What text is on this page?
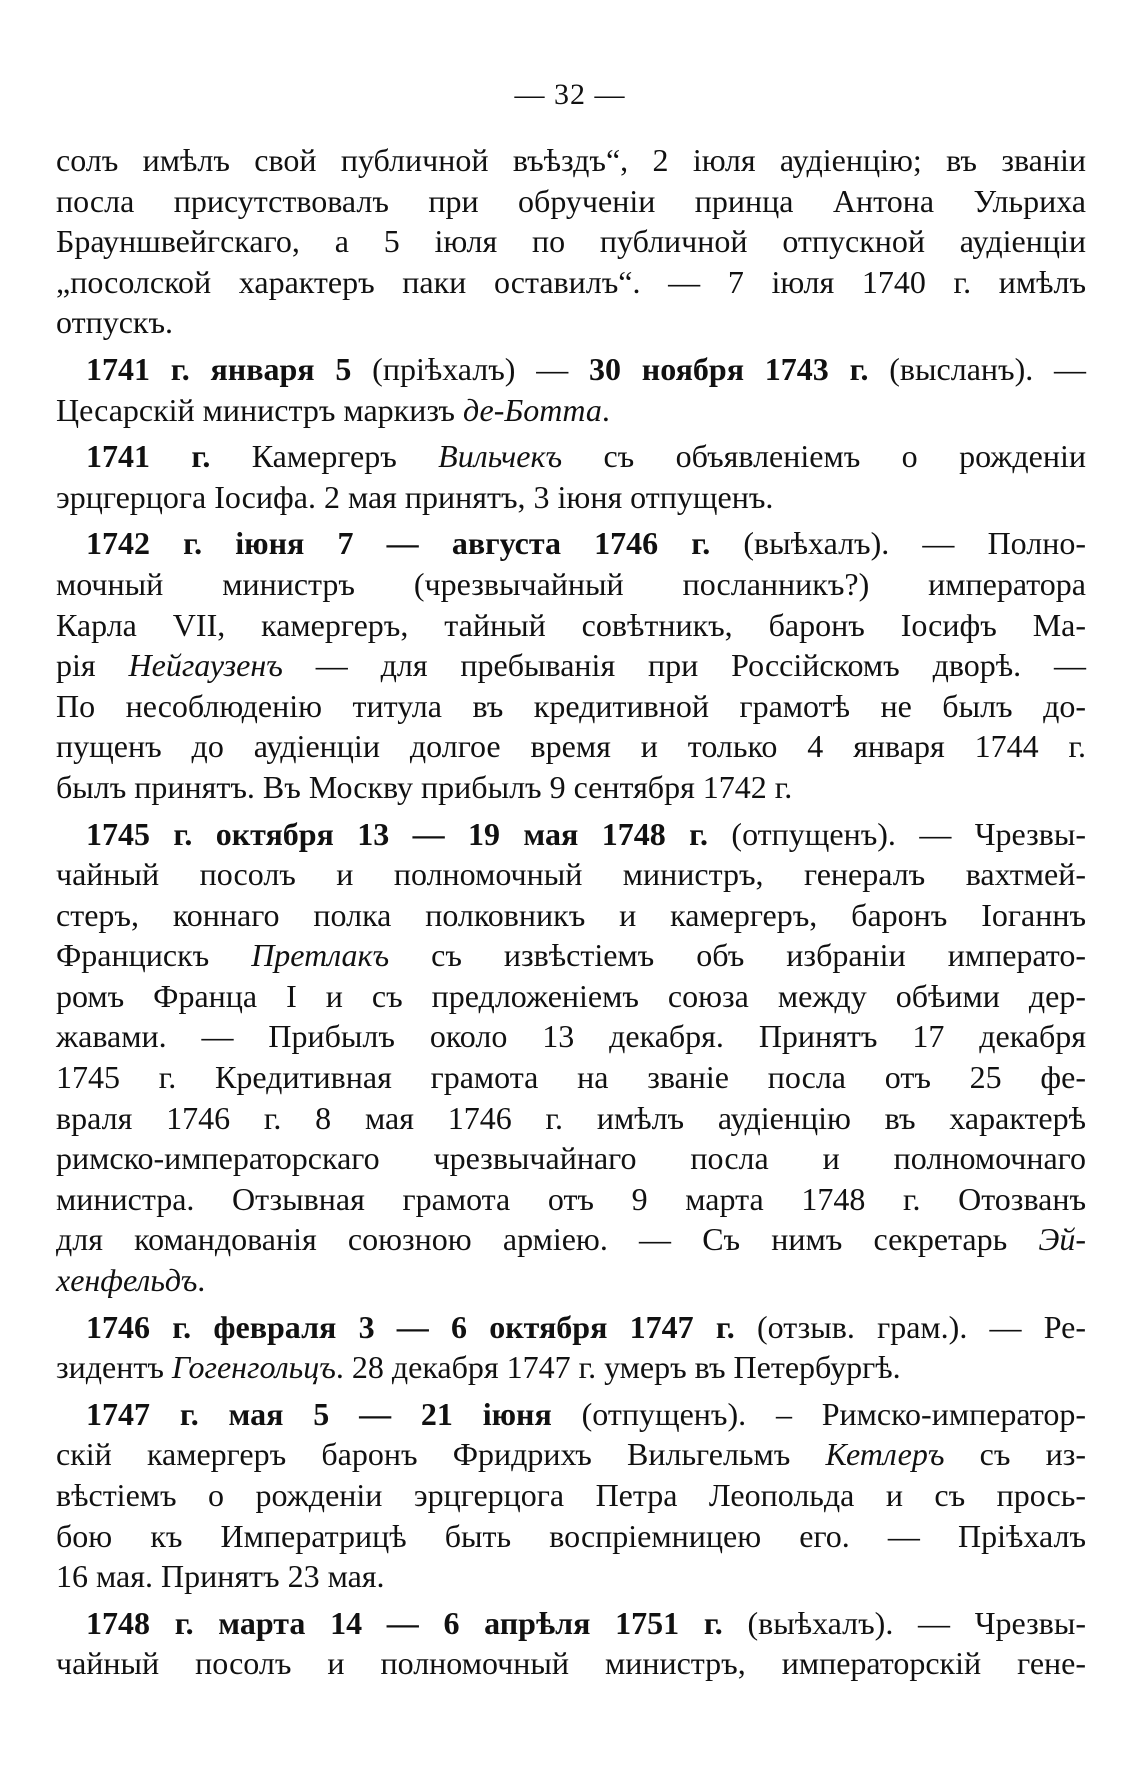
— 32 —
солъ имѣлъ свой публичной въѣздъ“, 2 іюля аудіенцію; въ званіи
посла присутствовалъ при обрученіи принца Антона Ульриха
Брауншвейгскаго, а 5 іюля по публичной отпускной аудіенціи
„посолской характеръ паки оставилъ“. — 7 іюля 1740 г. имѣлъ
отпускъ.
1741 г. января 5 (пріѣхалъ) — 30 ноября 1743 г. (высланъ). —
Цесарскій министръ маркизъ де-Ботта.
1741 г. Камергеръ Вильчекъ съ объявленіемъ о рожденіи
эрцгерцога Іосифа. 2 мая принятъ, 3 іюня отпущенъ.
1742 г. іюня 7 — августа 1746 г. (выѣхалъ). — Полно-
мочный министръ (чрезвычайный посланникъ?) императора
Карла VII, камергеръ, тайный совѣтникъ, баронъ Іосифъ Ма-
рія Нейгаузенъ — для пребыванія при Россійскомъ дворѣ. —
По несоблюденію титула въ кредитивной грамотѣ не былъ до-
пущенъ до аудіенціи долгое время и только 4 января 1744 г.
былъ принятъ. Въ Москву прибылъ 9 сентября 1742 г.
1745 г. октября 13 — 19 мая 1748 г. (отпущенъ). — Чрезвы-
чайный посолъ и полномочный министръ, генералъ вахтмей-
стеръ, коннаго полка полковникъ и камергеръ, баронъ Іоганнъ
Францискъ Претлакъ съ извѣстіемъ объ избраніи императо-
ромъ Франца I и съ предложеніемъ союза между обѣими дер-
жавами. — Прибылъ около 13 декабря. Принятъ 17 декабря
1745 г. Кредитивная грамота на званіе посла отъ 25 фе-
враля 1746 г. 8 мая 1746 г. имѣлъ аудіенцію въ характерѣ
римско-императорскаго чрезвычайнаго посла и полномочнаго
министра. Отзывная грамота отъ 9 марта 1748 г. Отозванъ
для командованія союзною арміею. — Съ нимъ секретарь Эй-
хенфельдъ.
1746 г. февраля 3 — 6 октября 1747 г. (отзыв. грам.). — Ре-
зидентъ Гогенгольцъ. 28 декабря 1747 г. умеръ въ Петербургѣ.
1747 г. мая 5 — 21 іюня (отпущенъ). – Римско-император-
скій камергеръ баронъ Фридрихъ Вильгельмъ Кетлеръ съ из-
вѣстіемъ о рожденіи эрцгерцога Петра Леопольда и съ прось-
бою къ Императрицѣ быть воспріемницею его. — Пріѣхалъ
16 мая. Принятъ 23 мая.
1748 г. марта 14 — 6 апрѣля 1751 г. (выѣхалъ). — Чрезвы-
чайный посолъ и полномочный министръ, императорскій гене-
